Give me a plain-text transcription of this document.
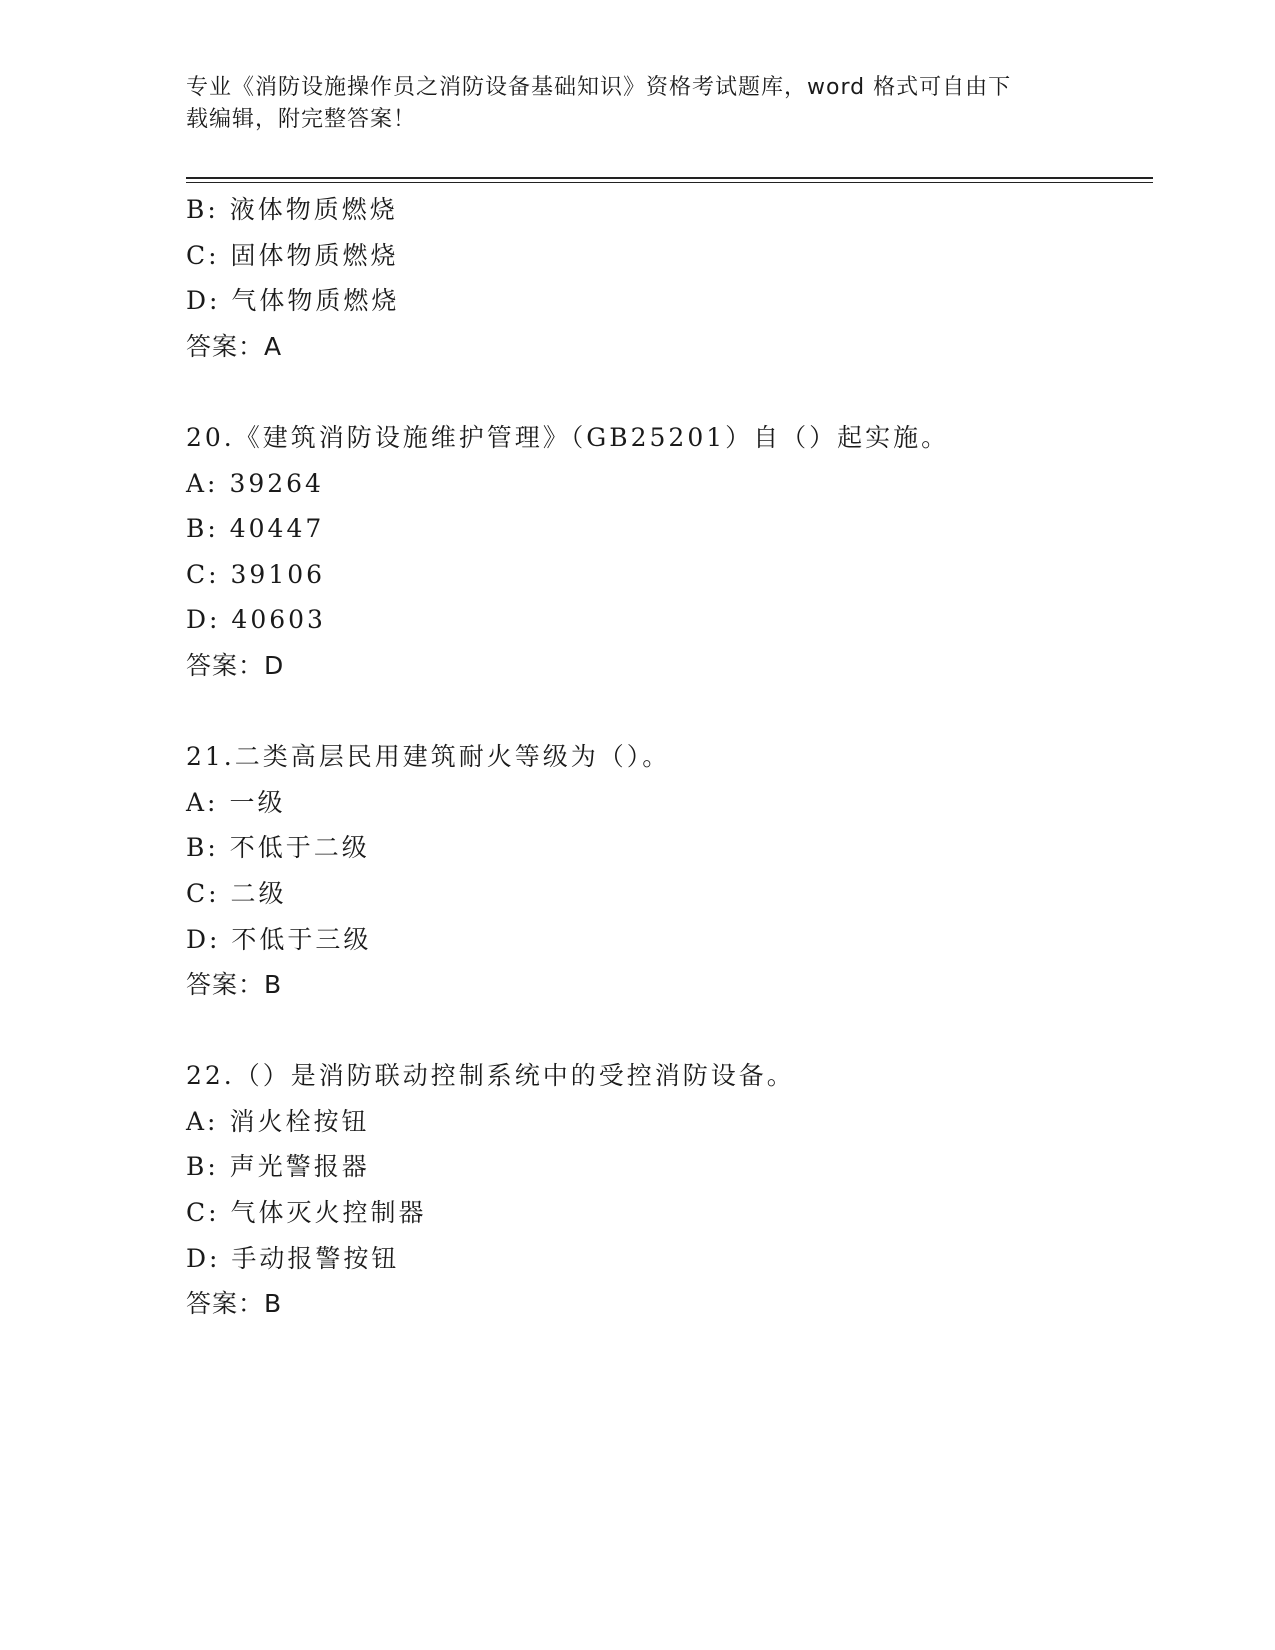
专业《消防设施操作员之消防设备基础知识》资格考试题库，word 格式可自由下
载编辑，附完整答案！
B: 液体物质燃烧
C: 固体物质燃烧
D: 气体物质燃烧
答案：A
20.《建筑消防设施维护管理》（GB25201）自（）起实施。
A: 39264
B: 40447
C: 39106
D: 40603
答案：D
21.二类高层民用建筑耐火等级为（）。
A: 一级
B: 不低于二级
C: 二级
D: 不低于三级
答案：B
22.（）是消防联动控制系统中的受控消防设备。
A: 消火栓按钮
B: 声光警报器
C: 气体灭火控制器
D: 手动报警按钮
答案：B
